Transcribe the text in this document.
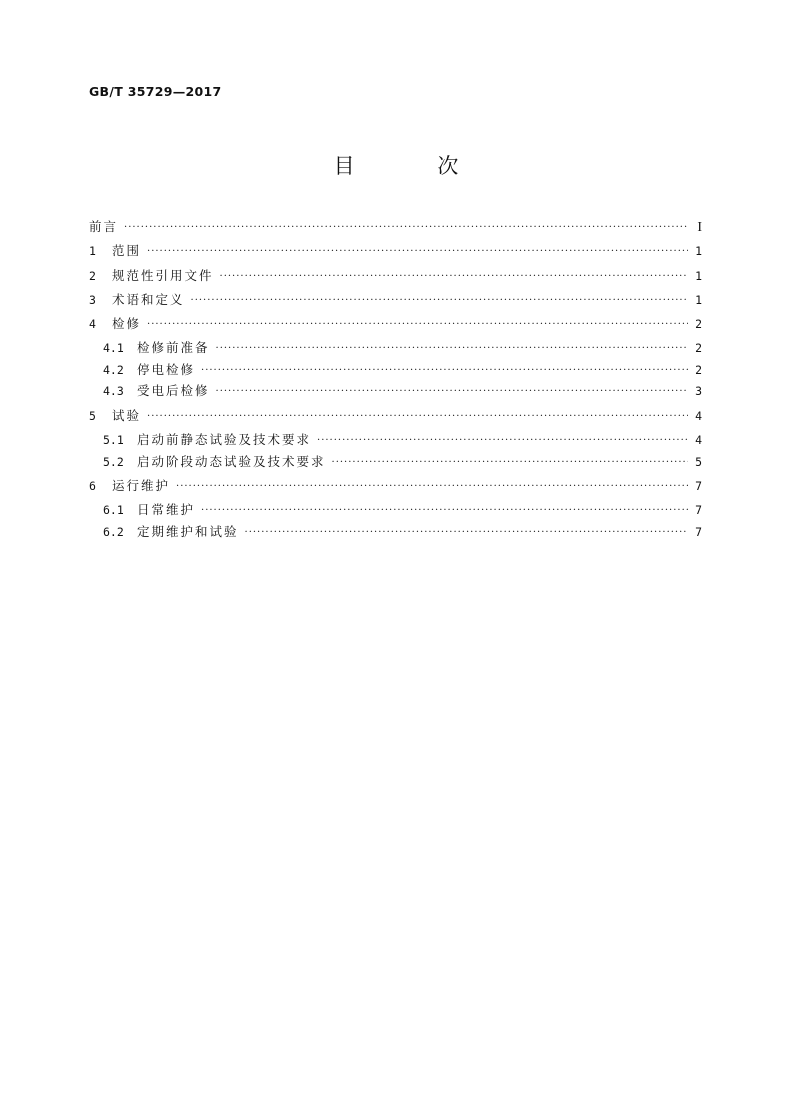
GB/T 35729—2017
目 次
前言 ·····	I
1	范围 ·····	1
2	规范性引用文件 ·····	1
3	术语和定义 ·····	1
4	检修 ·····	2
4.1	检修前准备 ·····	2
4.2	停电检修 ·····	2
4.3	受电后检修 ·····	3
5	试验 ·····	4
5.1	启动前静态试验及技术要求 ·····	4
5.2	启动阶段动态试验及技术要求 ·····	5
6	运行维护 ·····	7
6.1	日常维护 ·····	7
6.2	定期维护和试验 ·····	7
